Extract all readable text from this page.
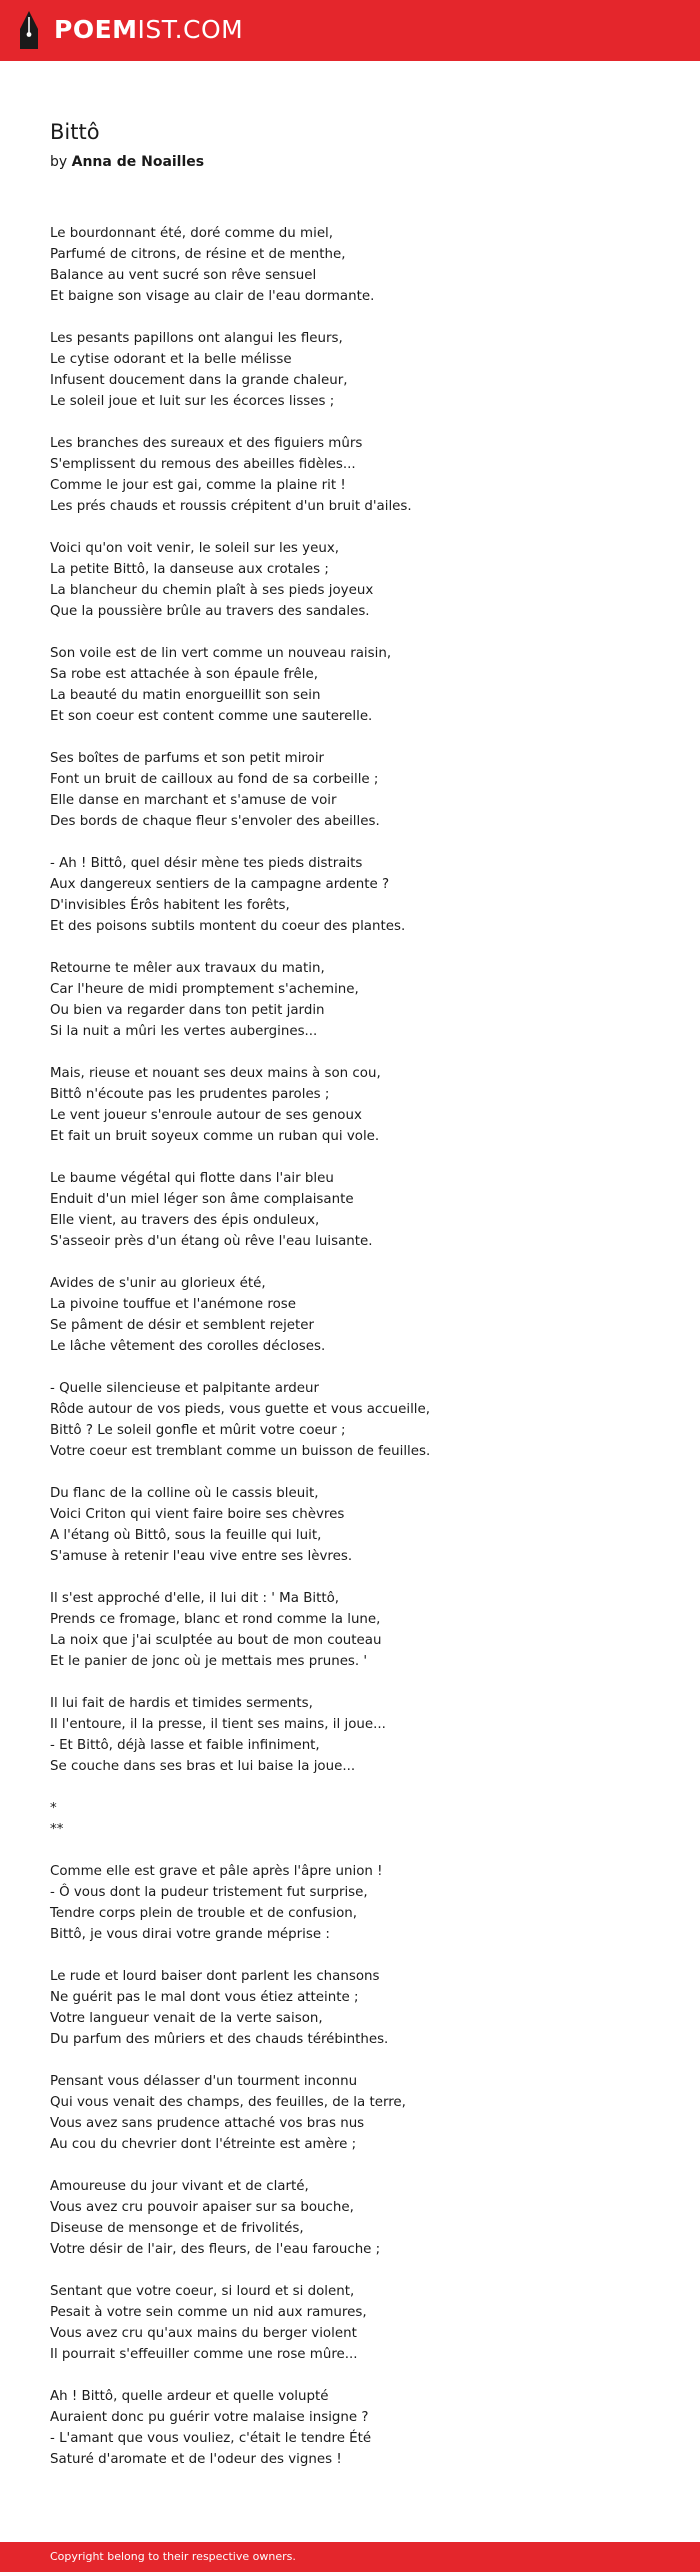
POEMIST.COM
Bittô

by Anna de Noailles

Le bourdonnant été, doré comme du miel,
Parfumé de citrons, de résine et de menthe,
Balance au vent sucré son rêve sensuel
Et baigne son visage au clair de l'eau dormante.

Les pesants papillons ont alangui les fleurs,
Le cytise odorant et la belle mélisse
Infusent doucement dans la grande chaleur,
Le soleil joue et luit sur les écorces lisses ;

Les branches des sureaux et des figuiers mûrs
S'emplissent du remous des abeilles fidèles...
Comme le jour est gai, comme la plaine rit !
Les prés chauds et roussis crépitent d'un bruit d'ailes.

Voici qu'on voit venir, le soleil sur les yeux,
La petite Bittô, la danseuse aux crotales ;
La blancheur du chemin plaît à ses pieds joyeux
Que la poussière brûle au travers des sandales.

Son voile est de lin vert comme un nouveau raisin,
Sa robe est attachée à son épaule frêle,
La beauté du matin enorgueillit son sein
Et son coeur est content comme une sauterelle.

Ses boîtes de parfums et son petit miroir
Font un bruit de cailloux au fond de sa corbeille ;
Elle danse en marchant et s'amuse de voir
Des bords de chaque fleur s'envoler des abeilles.

- Ah ! Bittô, quel désir mène tes pieds distraits
Aux dangereux sentiers de la campagne ardente ?
D'invisibles Érôs habitent les forêts,
Et des poisons subtils montent du coeur des plantes.

Retourne te mêler aux travaux du matin,
Car l'heure de midi promptement s'achemine,
Ou bien va regarder dans ton petit jardin
Si la nuit a mûri les vertes aubergines...

Mais, rieuse et nouant ses deux mains à son cou,
Bittô n'écoute pas les prudentes paroles ;
Le vent joueur s'enroule autour de ses genoux
Et fait un bruit soyeux comme un ruban qui vole.

Le baume végétal qui flotte dans l'air bleu
Enduit d'un miel léger son âme complaisante
Elle vient, au travers des épis onduleux,
S'asseoir près d'un étang où rêve l'eau luisante.

Avides de s'unir au glorieux été,
La pivoine touffue et l'anémone rose
Se pâment de désir et semblent rejeter
Le lâche vêtement des corolles décloses.

- Quelle silencieuse et palpitante ardeur
Rôde autour de vos pieds, vous guette et vous accueille,
Bittô ? Le soleil gonfle et mûrit votre coeur ;
Votre coeur est tremblant comme un buisson de feuilles.

Du flanc de la colline où le cassis bleuit,
Voici Criton qui vient faire boire ses chèvres
A l'étang où Bittô, sous la feuille qui luit,
S'amuse à retenir l'eau vive entre ses lèvres.

Il s'est approché d'elle, il lui dit : ' Ma Bittô,
Prends ce fromage, blanc et rond comme la lune,
La noix que j'ai sculptée au bout de mon couteau
Et le panier de jonc où je mettais mes prunes. '

Il lui fait de hardis et timides serments,
Il l'entoure, il la presse, il tient ses mains, il joue...
- Et Bittô, déjà lasse et faible infiniment,
Se couche dans ses bras et lui baise la joue...

*
**

Comme elle est grave et pâle après l'âpre union !
- Ô vous dont la pudeur tristement fut surprise,
Tendre corps plein de trouble et de confusion,
Bittô, je vous dirai votre grande méprise :

Le rude et lourd baiser dont parlent les chansons
Ne guérit pas le mal dont vous étiez atteinte ;
Votre langueur venait de la verte saison,
Du parfum des mûriers et des chauds térébinthes.

Pensant vous délasser d'un tourment inconnu
Qui vous venait des champs, des feuilles, de la terre,
Vous avez sans prudence attaché vos bras nus
Au cou du chevrier dont l'étreinte est amère ;

Amoureuse du jour vivant et de clarté,
Vous avez cru pouvoir apaiser sur sa bouche,
Diseuse de mensonge et de frivolités,
Votre désir de l'air, des fleurs, de l'eau farouche ;

Sentant que votre coeur, si lourd et si dolent,
Pesait à votre sein comme un nid aux ramures,
Vous avez cru qu'aux mains du berger violent
Il pourrait s'effeuiller comme une rose mûre...

Ah ! Bittô, quelle ardeur et quelle volupté
Auraient donc pu guérir votre malaise insigne ?
- L'amant que vous vouliez, c'était le tendre Été
Saturé d'aromate et de l'odeur des vignes !

Copyright belong to their respective owners.
